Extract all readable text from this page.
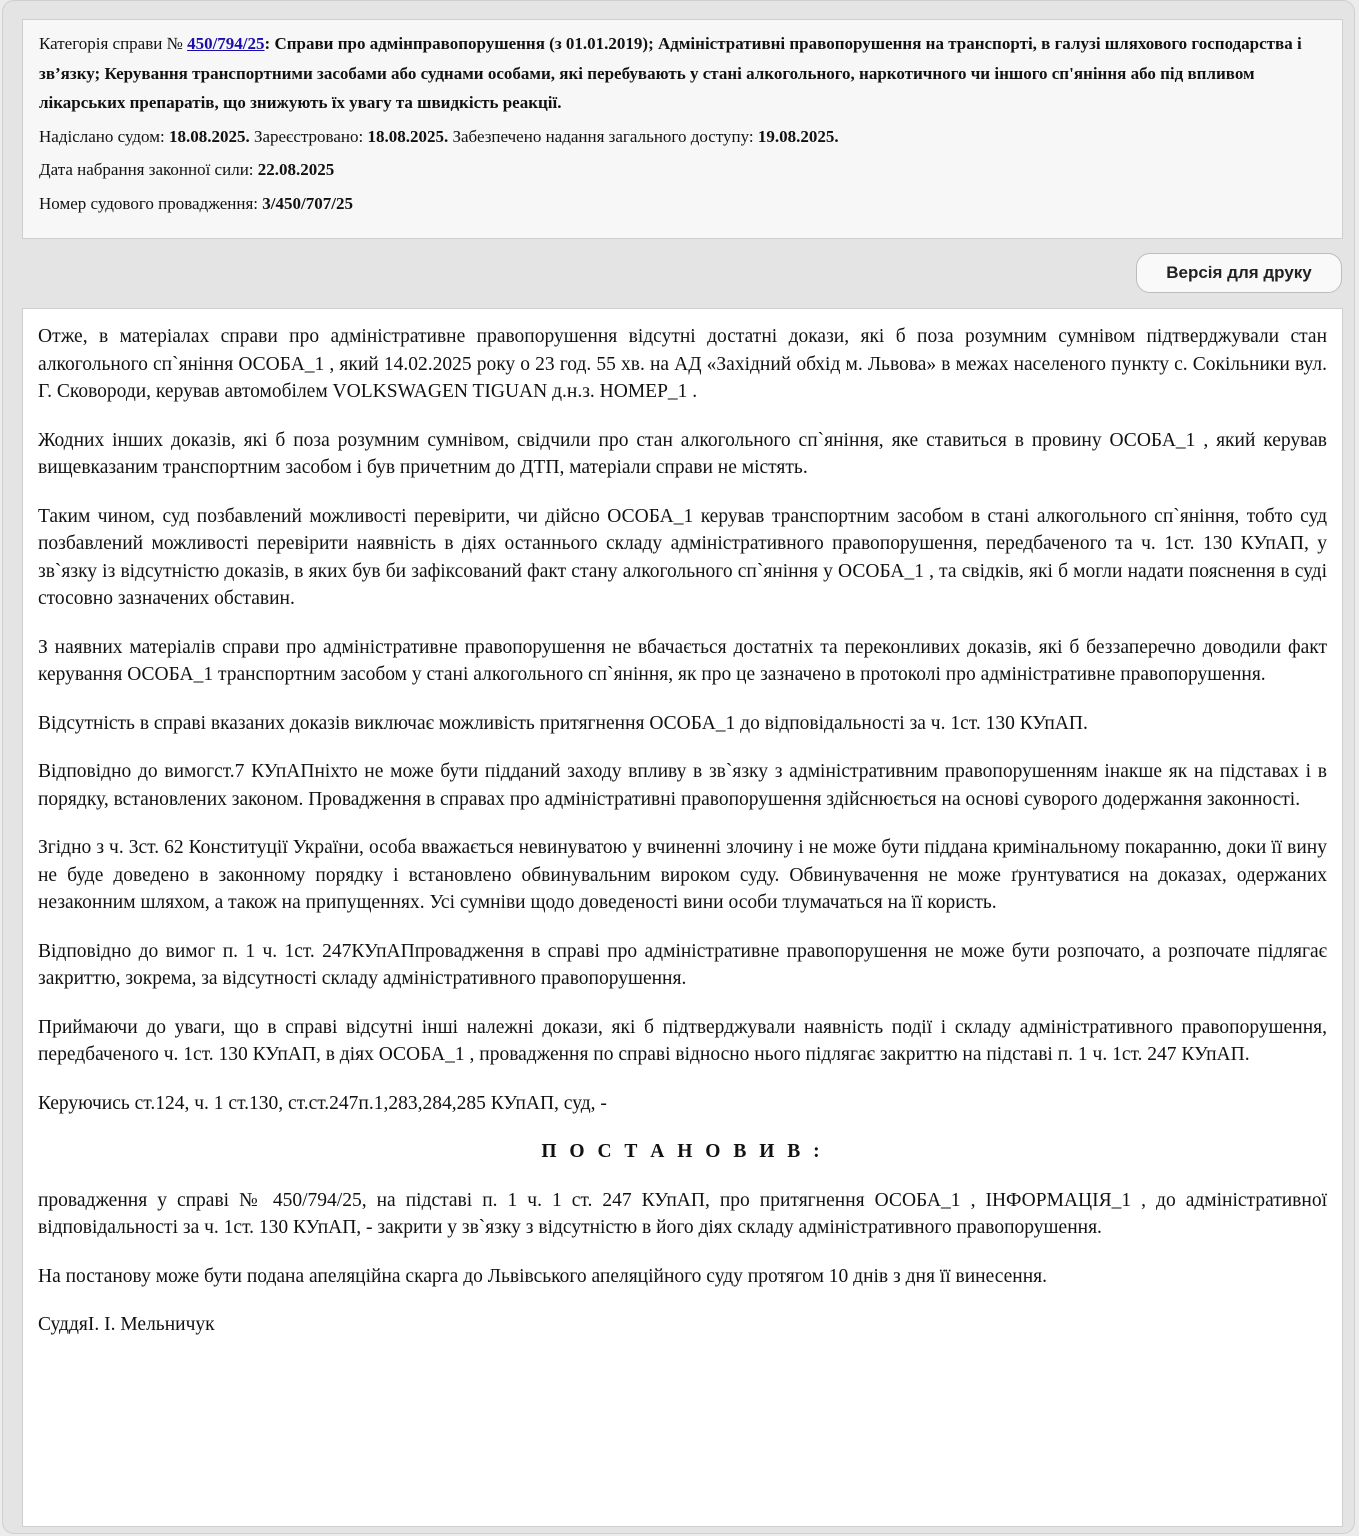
Категорія справи № 450/794/25: Справи про адмінправопорушення (з 01.01.2019); Адміністративні правопорушення на транспорті, в галузі шляхового господарства і зв’язку; Керування транспортними засобами або суднами особами, які перебувають у стані алкогольного, наркотичного чи іншого сп'яніння або під впливом лікарських препаратів, що знижують їх увагу та швидкість реакції.

Надіслано судом: 18.08.2025. Зареєстровано: 18.08.2025. Забезпечено надання загального доступу: 19.08.2025.

Дата набрання законної сили: 22.08.2025

Номер судового провадження: 3/450/707/25

Версія для друку

Отже, в матеріалах справи про адміністративне правопорушення відсутні достатні докази, які б поза розумним сумнівом підтверджували стан алкогольного сп`яніння ОСОБА_1 , який 14.02.2025 року о 23 год. 55 хв. на АД «Західний обхід м. Львова» в межах населеного пункту с. Сокільники вул. Г. Сковороди, керував автомобілем VOLKSWAGEN TIGUAN д.н.з. НОМЕР_1 .

Жодних інших доказів, які б поза розумним сумнівом, свідчили про стан алкогольного сп`яніння, яке ставиться в провину ОСОБА_1 , який керував вищевказаним транспортним засобом і був причетним до ДТП, матеріали справи не містять.

Таким чином, суд позбавлений можливості перевірити, чи дійсно ОСОБА_1 керував транспортним засобом в стані алкогольного сп`яніння, тобто суд позбавлений можливості перевірити наявність в діях останнього складу адміністративного правопорушення, передбаченого та ч. 1ст. 130 КУпАП, у зв`язку із відсутністю доказів, в яких був би зафіксований факт стану алкогольного сп`яніння у ОСОБА_1 , та свідків, які б могли надати пояснення в суді стосовно зазначених обставин.

З наявних матеріалів справи про адміністративне правопорушення не вбачається достатніх та переконливих доказів, які б беззаперечно доводили факт керування ОСОБА_1 транспортним засобом у стані алкогольного сп`яніння, як про це зазначено в протоколі про адміністративне правопорушення.

Відсутність в справі вказаних доказів виключає можливість притягнення ОСОБА_1 до відповідальності за ч. 1ст. 130 КУпАП.

Відповідно до вимогст.7 КУпАПніхто не може бути підданий заходу впливу в зв`язку з адміністративним правопорушенням інакше як на підставах і в порядку, встановлених законом. Провадження в справах про адміністративні правопорушення здійснюється на основі суворого додержання законності.

Згідно з ч. 3ст. 62 Конституції України, особа вважається невинуватою у вчиненні злочину і не може бути піддана кримінальному покаранню, доки її вину не буде доведено в законному порядку і встановлено обвинувальним вироком суду. Обвинувачення не може ґрунтуватися на доказах, одержаних незаконним шляхом, а також на припущеннях. Усі сумніви щодо доведеності вини особи тлумачаться на її користь.

Відповідно до вимог п. 1 ч. 1ст. 247КУпАПпровадження в справі про адміністративне правопорушення не може бути розпочато, а розпочате підлягає закриттю, зокрема, за відсутності складу адміністративного правопорушення.

Приймаючи до уваги, що в справі відсутні інші належні докази, які б підтверджували наявність події і складу адміністративного правопорушення, передбаченого ч. 1ст. 130 КУпАП, в діях ОСОБА_1 , провадження по справі відносно нього підлягає закриттю на підставі п. 1 ч. 1ст. 247 КУпАП.

Керуючись ст.124, ч. 1 ст.130, ст.ст.247п.1,283,284,285 КУпАП, суд, -

П О С Т А Н О В И В :

провадження у справі № 450/794/25, на підставі п. 1 ч. 1 ст. 247 КУпАП, про притягнення ОСОБА_1 , ІНФОРМАЦІЯ_1 , до адміністративної відповідальності за ч. 1ст. 130 КУпАП, - закрити у зв`язку з відсутністю в його діях складу адміністративного правопорушення.

На постанову може бути подана апеляційна скарга до Львівського апеляційного суду протягом 10 днів з дня її винесення.

СуддяІ. І. Мельничук
